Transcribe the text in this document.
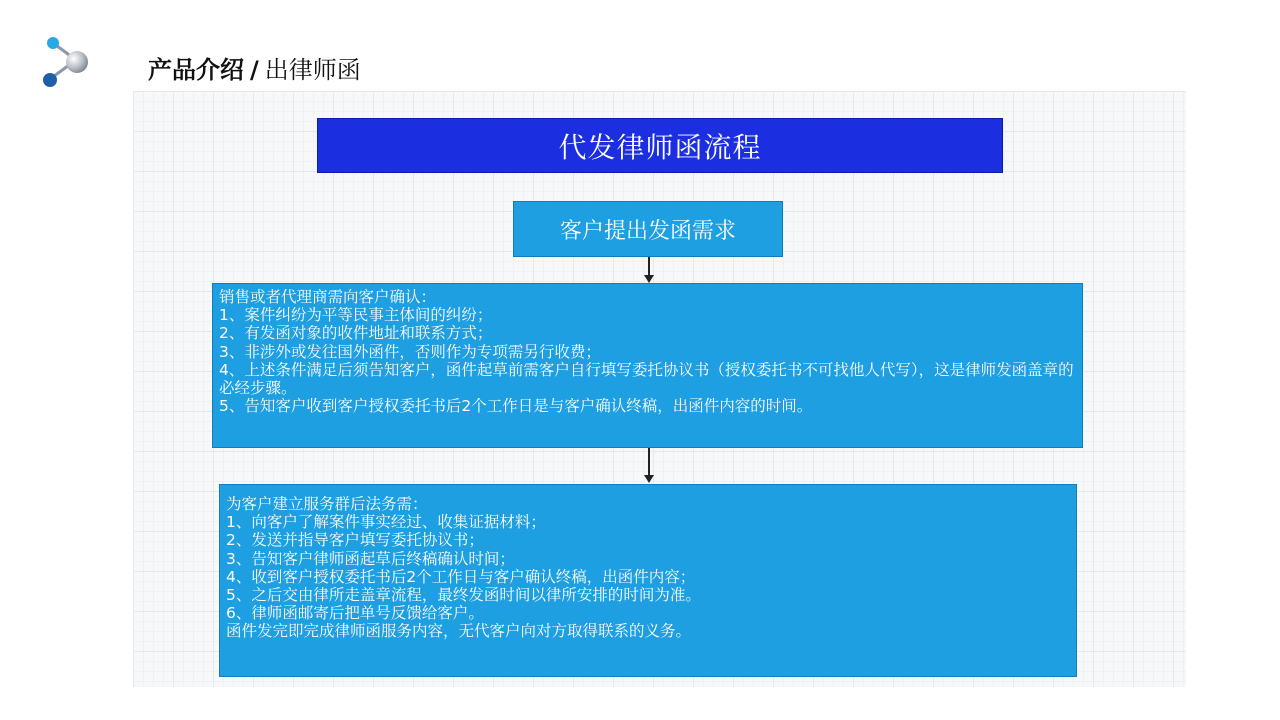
产品介绍 / 出律师函
代发律师函流程
客户提出发函需求
销售或者代理商需向客户确认：
1、案件纠纷为平等民事主体间的纠纷；
2、有发函对象的收件地址和联系方式；
3、非涉外或发往国外函件，否则作为专项需另行收费；
4、上述条件满足后须告知客户，函件起草前需客户自行填写委托协议书（授权委托书不可找他人代写），这是律师发函盖章的必经步骤。
5、告知客户收到客户授权委托书后2个工作日是与客户确认终稿，出函件内容的时间。
为客户建立服务群后法务需：
1、向客户了解案件事实经过、收集证据材料；
2、发送并指导客户填写委托协议书；
3、告知客户律师函起草后终稿确认时间；
4、收到客户授权委托书后2个工作日与客户确认终稿，出函件内容；
5、之后交由律所走盖章流程，最终发函时间以律所安排的时间为准。
6、律师函邮寄后把单号反馈给客户。
函件发完即完成律师函服务内容，无代客户向对方取得联系的义务。
